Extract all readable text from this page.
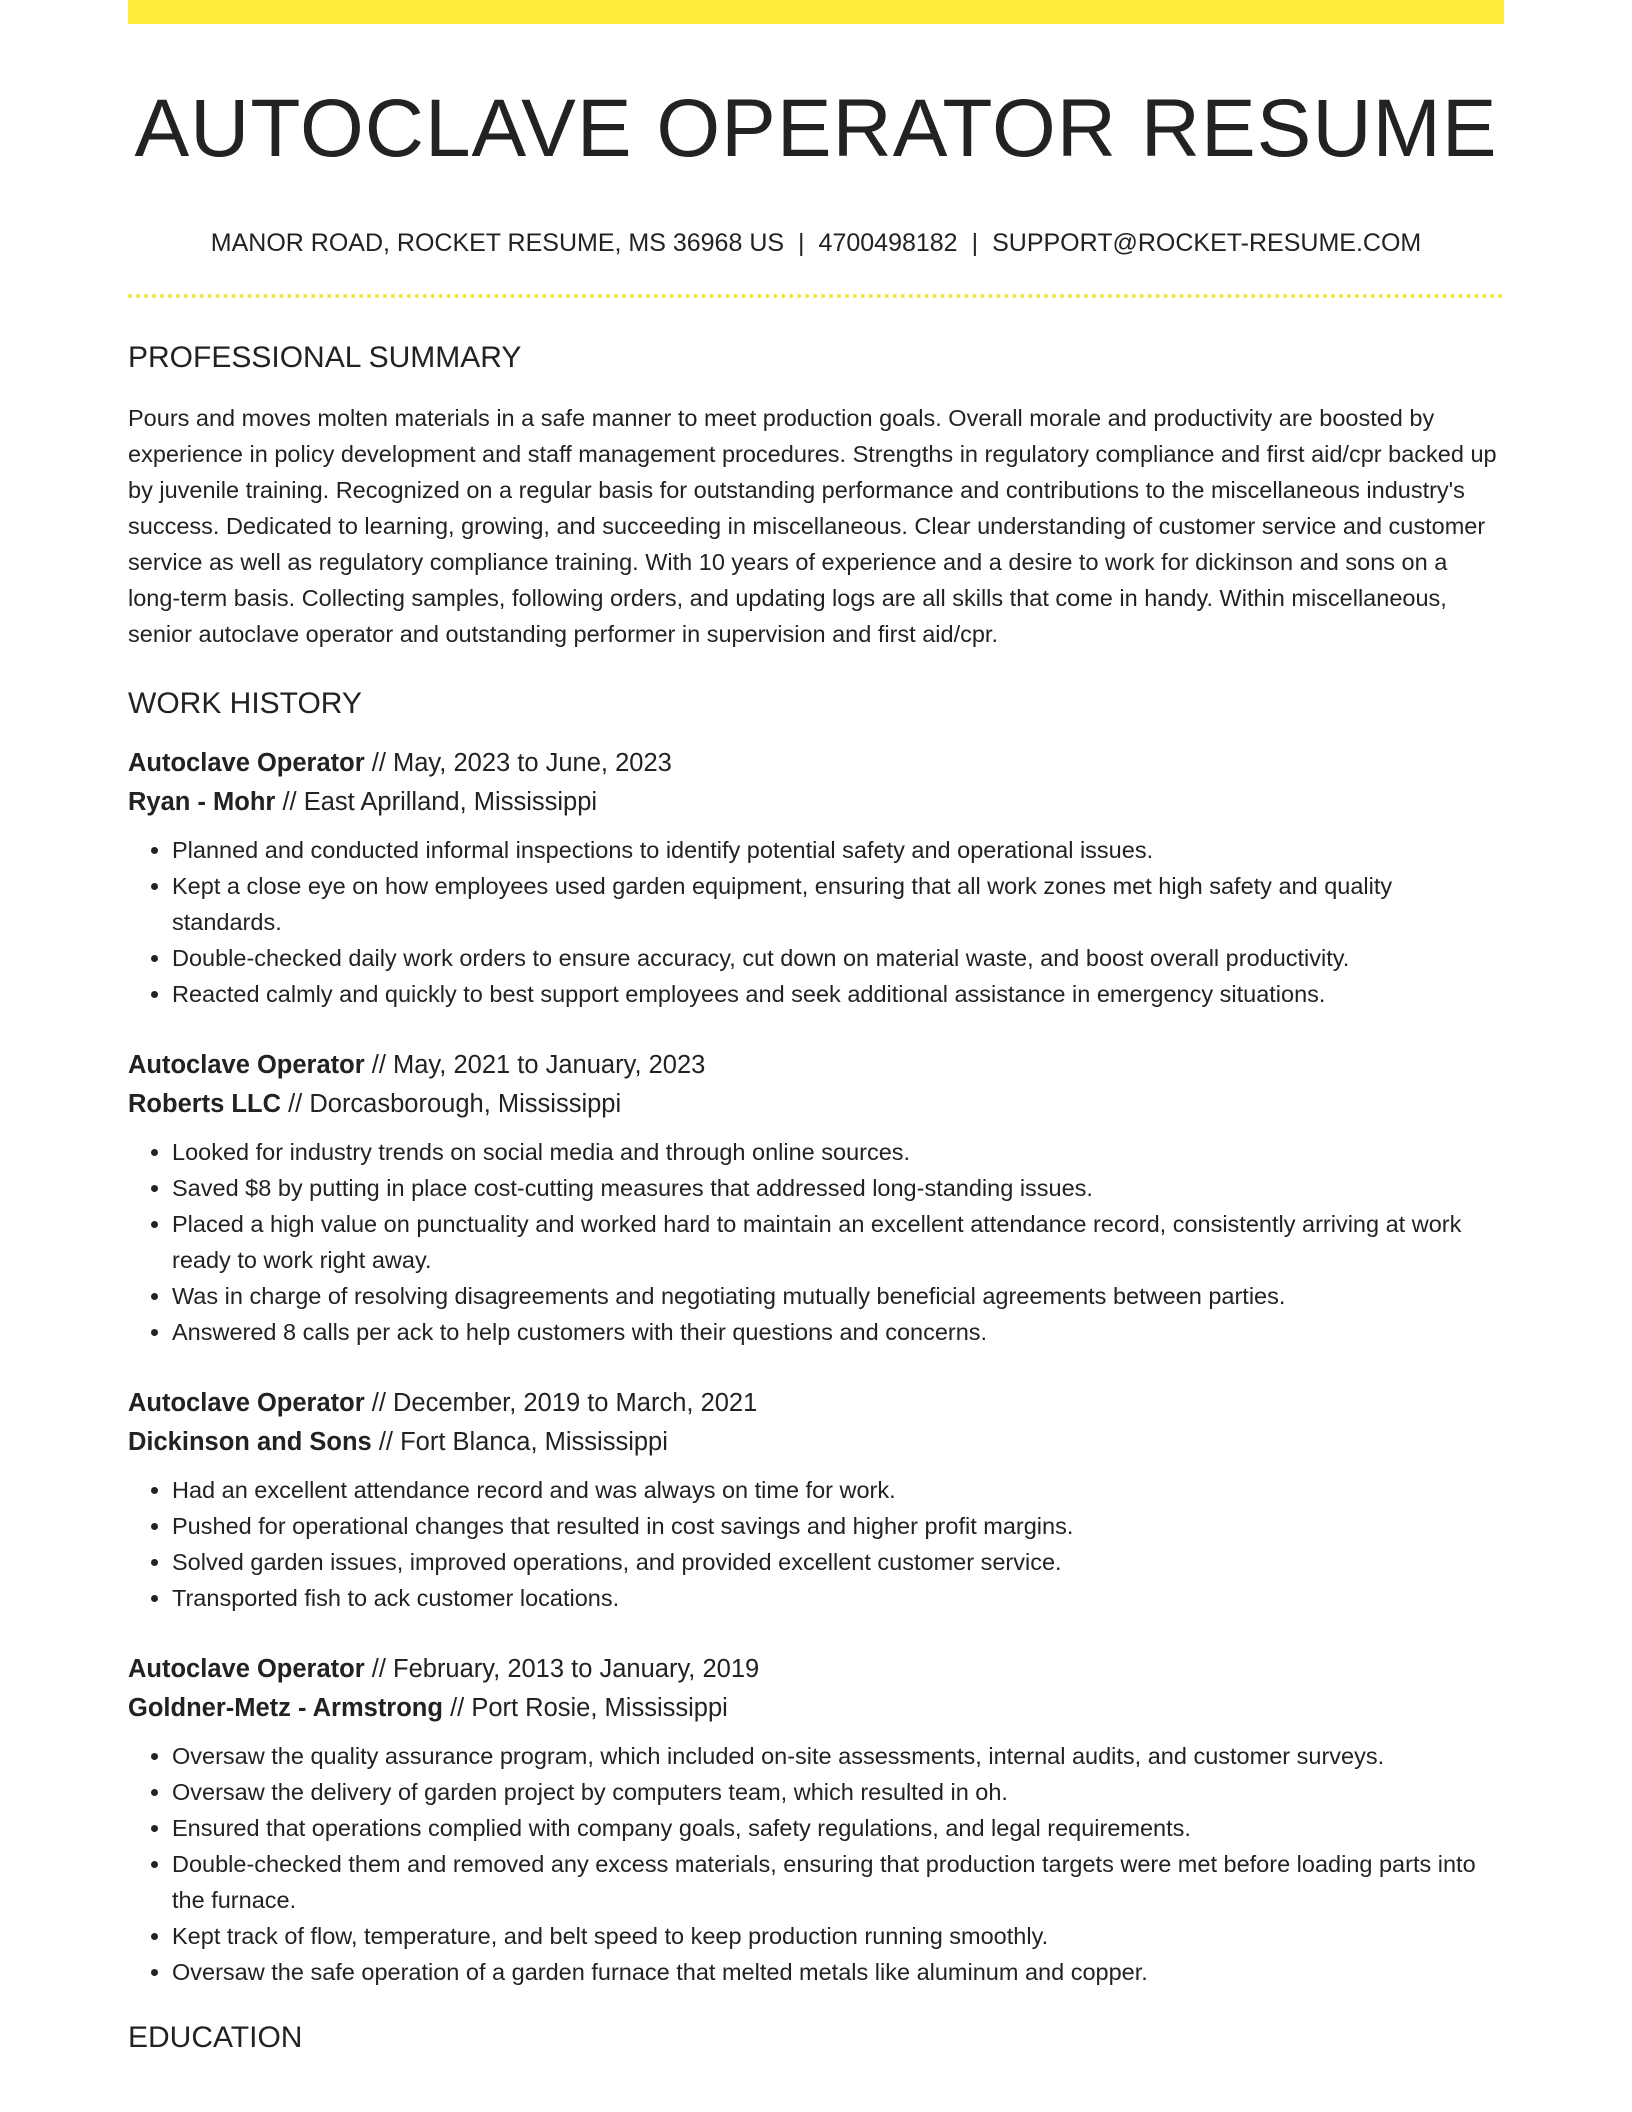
AUTOCLAVE OPERATOR RESUME
MANOR ROAD, ROCKET RESUME, MS 36968 US | 4700498182 | SUPPORT@ROCKET-RESUME.COM
PROFESSIONAL SUMMARY

Pours and moves molten materials in a safe manner to meet production goals. Overall morale and productivity are boosted by experience in policy development and staff management procedures. Strengths in regulatory compliance and first aid/cpr backed up by juvenile training. Recognized on a regular basis for outstanding performance and contributions to the miscellaneous industry's success. Dedicated to learning, growing, and succeeding in miscellaneous. Clear understanding of customer service and customer service as well as regulatory compliance training. With 10 years of experience and a desire to work for dickinson and sons on a long-term basis. Collecting samples, following orders, and updating logs are all skills that come in handy. Within miscellaneous, senior autoclave operator and outstanding performer in supervision and first aid/cpr.

WORK HISTORY
Autoclave Operator // May, 2023 to June, 2023
Ryan - Mohr // East Aprilland, Mississippi
• Planned and conducted informal inspections to identify potential safety and operational issues.
• Kept a close eye on how employees used garden equipment, ensuring that all work zones met high safety and quality standards.
• Double-checked daily work orders to ensure accuracy, cut down on material waste, and boost overall productivity.
• Reacted calmly and quickly to best support employees and seek additional assistance in emergency situations.
Autoclave Operator // May, 2021 to January, 2023
Roberts LLC // Dorcasborough, Mississippi
• Looked for industry trends on social media and through online sources.
• Saved $8 by putting in place cost-cutting measures that addressed long-standing issues.
• Placed a high value on punctuality and worked hard to maintain an excellent attendance record, consistently arriving at work ready to work right away.
• Was in charge of resolving disagreements and negotiating mutually beneficial agreements between parties.
• Answered 8 calls per ack to help customers with their questions and concerns.
Autoclave Operator // December, 2019 to March, 2021
Dickinson and Sons // Fort Blanca, Mississippi
• Had an excellent attendance record and was always on time for work.
• Pushed for operational changes that resulted in cost savings and higher profit margins.
• Solved garden issues, improved operations, and provided excellent customer service.
• Transported fish to ack customer locations.
Autoclave Operator // February, 2013 to January, 2019
Goldner-Metz - Armstrong // Port Rosie, Mississippi
• Oversaw the quality assurance program, which included on-site assessments, internal audits, and customer surveys.
• Oversaw the delivery of garden project by computers team, which resulted in oh.
• Ensured that operations complied with company goals, safety regulations, and legal requirements.
• Double-checked them and removed any excess materials, ensuring that production targets were met before loading parts into the furnace.
• Kept track of flow, temperature, and belt speed to keep production running smoothly.
• Oversaw the safe operation of a garden furnace that melted metals like aluminum and copper.
EDUCATION
